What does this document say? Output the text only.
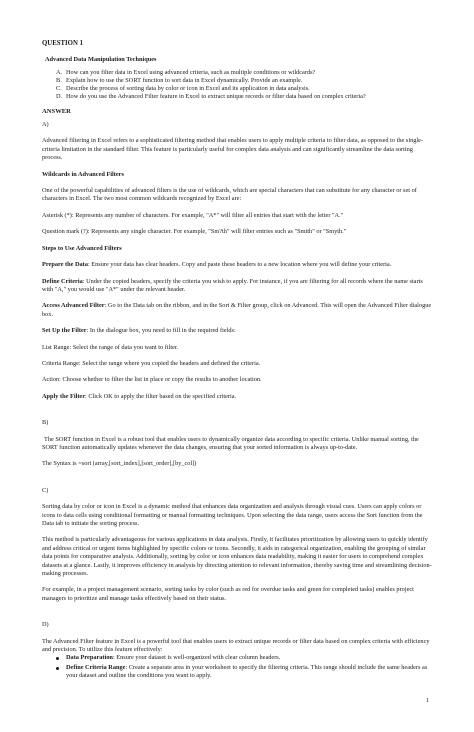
QUESTION 1

Advanced Data Manipulation Techniques

A. How can you filter data in Excel using advanced criteria, such as multiple conditions or wildcards?
B. Explain how to use the SORT function to sort data in Excel dynamically. Provide an example.
C. Describe the process of sorting data by color or icon in Excel and its application in data analysis.
D. How do you use the Advanced Filter feature in Excel to extract unique records or filter data based on complex criteria?

ANSWER

A)

Advanced filtering in Excel refers to a sophisticated filtering method that enables users to apply multiple criteria to filter data, as opposed to the single-criteria limitation in the standard filter. This feature is particularly useful for complex data analysis and can significantly streamline the data sorting process.

Wildcards in Advanced Filters

One of the powerful capabilities of advanced filters is the use of wildcards, which are special characters that can substitute for any character or set of characters in Excel. The two most common wildcards recognized by Excel are:

Asterisk (*): Represents any number of characters. For example, "A*" will filter all entries that start with the letter "A."

Question mark (?): Represents any single character. For example, "Sm?th" will filter entries such as "Smith" or "Smyth."

Steps to Use Advanced Filters

Prepare the Data: Ensure your data has clear headers. Copy and paste these headers to a new location where you will define your criteria.

Define Criteria: Under the copied headers, specify the criteria you wish to apply. For instance, if you are filtering for all records where the name starts with "A," you would use "A*" under the relevant header.

Access Advanced Filter: Go to the Data tab on the ribbon, and in the Sort & Filter group, click on Advanced. This will open the Advanced Filter dialogue box.

Set Up the Filter: In the dialogue box, you need to fill in the required fields:

List Range: Select the range of data you want to filter.

Criteria Range: Select the range where you copied the headers and defined the criteria.

Action: Choose whether to filter the list in place or copy the results to another location.

Apply the Filter: Click OK to apply the filter based on the specified criteria.

B)

The SORT function in Excel is a robust tool that enables users to dynamically organize data according to specific criteria. Unlike manual sorting, the SORT function automatically updates whenever the data changes, ensuring that your sorted information is always up-to-date.

The Syntax is =sort (array,[sort_index],[sort_order],[by_col])

C)

Sorting data by color or icon in Excel is a dynamic method that enhances data organization and analysis through visual cues. Users can apply colors or icons to data cells using conditional formatting or manual formatting techniques. Upon selecting the data range, users access the Sort function from the Data tab to initiate the sorting process.

This method is particularly advantageous for various applications in data analysis. Firstly, it facilitates prioritization by allowing users to quickly identify and address critical or urgent items highlighted by specific colors or icons. Secondly, it aids in categorical organization, enabling the grouping of similar data points for comparative analysis. Additionally, sorting by color or icon enhances data readability, making it easier for users to comprehend complex datasets at a glance. Lastly, it improves efficiency in analysis by directing attention to relevant information, thereby saving time and streamlining decision-making processes.

For example, in a project management scenario, sorting tasks by color (such as red for overdue tasks and green for completed tasks) enables project managers to prioritize and manage tasks effectively based on their status.

D)

The Advanced Filter feature in Excel is a powerful tool that enables users to extract unique records or filter data based on complex criteria with efficiency and precision. To utilize this feature effectively:

Data Preparation: Ensure your dataset is well-organized with clear column headers.
Define Criteria Range: Create a separate area in your worksheet to specify the filtering criteria. This range should include the same headers as your dataset and outline the conditions you want to apply.
1
